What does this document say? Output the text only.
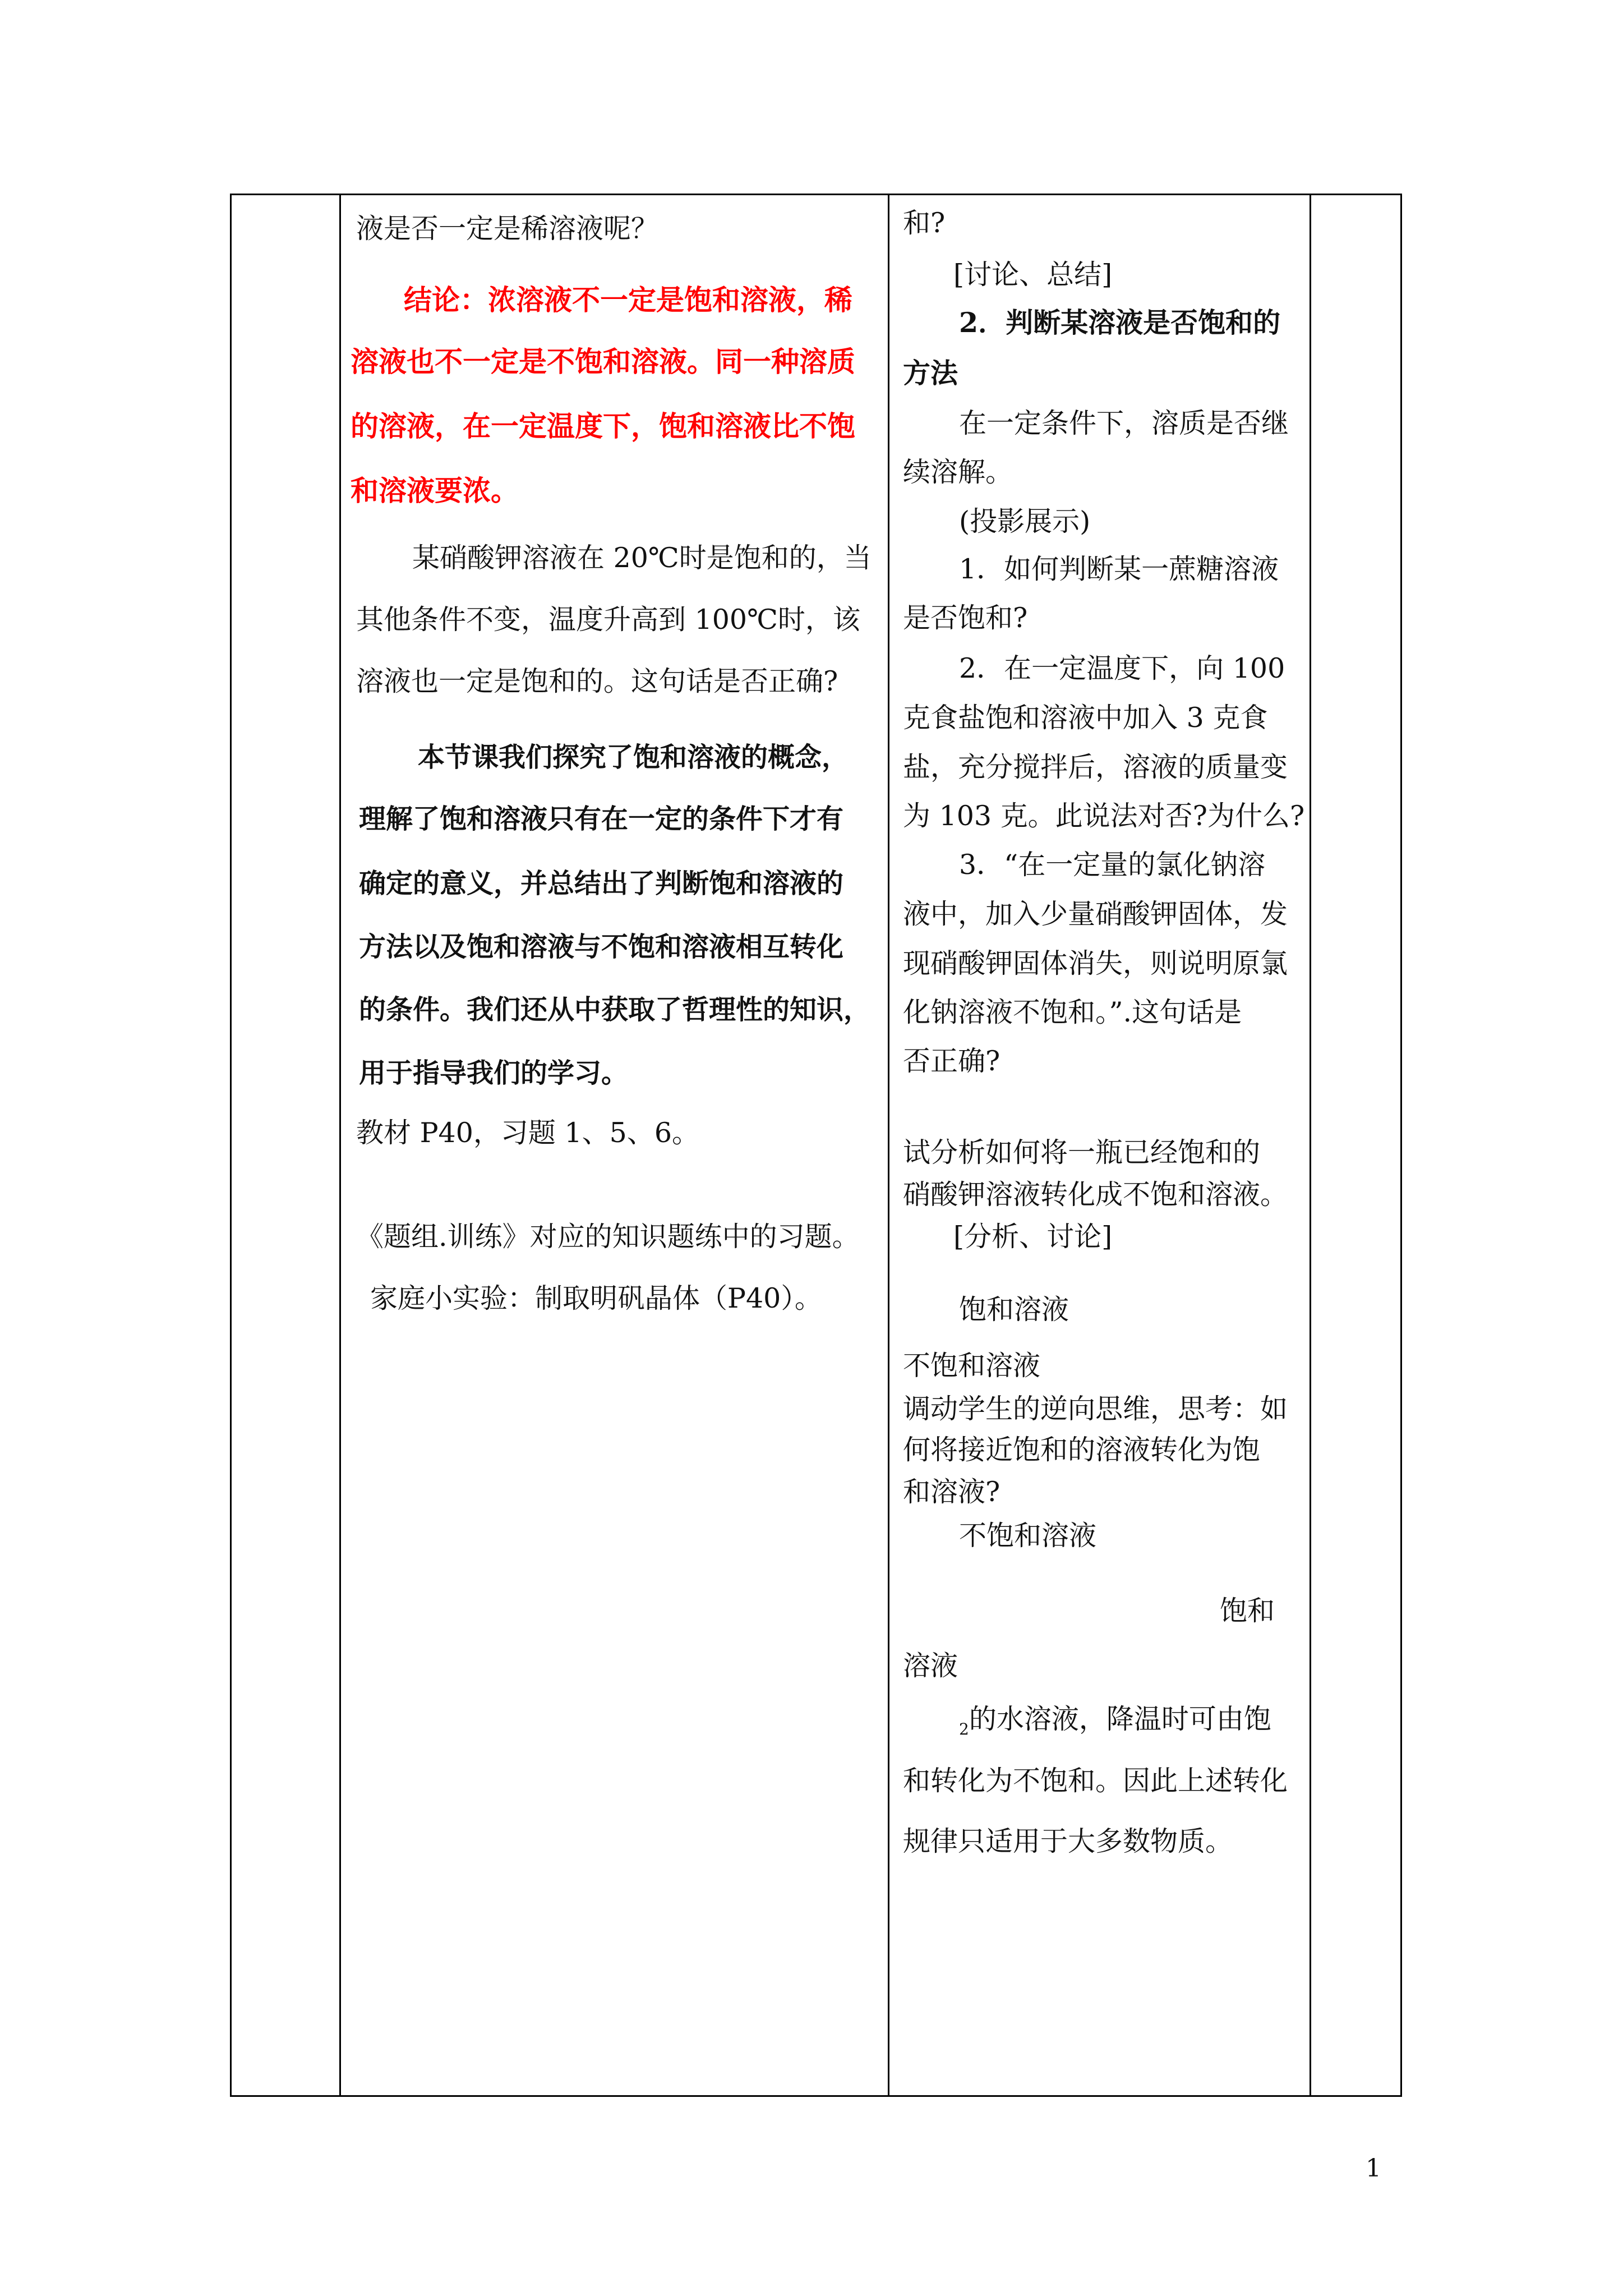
液是否一定是稀溶液呢？
结论：浓溶液不一定是饱和溶液，稀
溶液也不一定是不饱和溶液。同一种溶质
的溶液，在一定温度下，饱和溶液比不饱
和溶液要浓。
某硝酸钾溶液在 20℃时是饱和的，当
其他条件不变，温度升高到 100℃时，该
溶液也一定是饱和的。这句话是否正确?
本节课我们探究了饱和溶液的概念，
理解了饱和溶液只有在一定的条件下才有
确定的意义，并总结出了判断饱和溶液的
方法以及饱和溶液与不饱和溶液相互转化
的条件。我们还从中获取了哲理性的知识，
用于指导我们的学习。
教材 P40，习题 1、5、6。
《题组.训练》对应的知识题练中的习题。
家庭小实验：制取明矾晶体（P40）。
和?
[讨论、总结]
2．判断某溶液是否饱和的
方法
在一定条件下，溶质是否继
续溶解。
(投影展示)
1．如何判断某一蔗糖溶液
是否饱和?
2．在一定温度下，向 100
克食盐饱和溶液中加入 3 克食
盐，充分搅拌后，溶液的质量变
为 103 克。此说法对否?为什么?
3．“在一定量的氯化钠溶
液中，加入少量硝酸钾固体，发
现硝酸钾固体消失，则说明原氯
化钠溶液不饱和。”.这句话是
否正确?
试分析如何将一瓶已经饱和的
硝酸钾溶液转化成不饱和溶液。
[分析、讨论]
饱和溶液
不饱和溶液
调动学生的逆向思维，思考：如
何将接近饱和的溶液转化为饱
和溶液?
不饱和溶液
饱和
溶液
$_2$的水溶液，降温时可由饱
和转化为不饱和。因此上述转化
规律只适用于大多数物质。
1
